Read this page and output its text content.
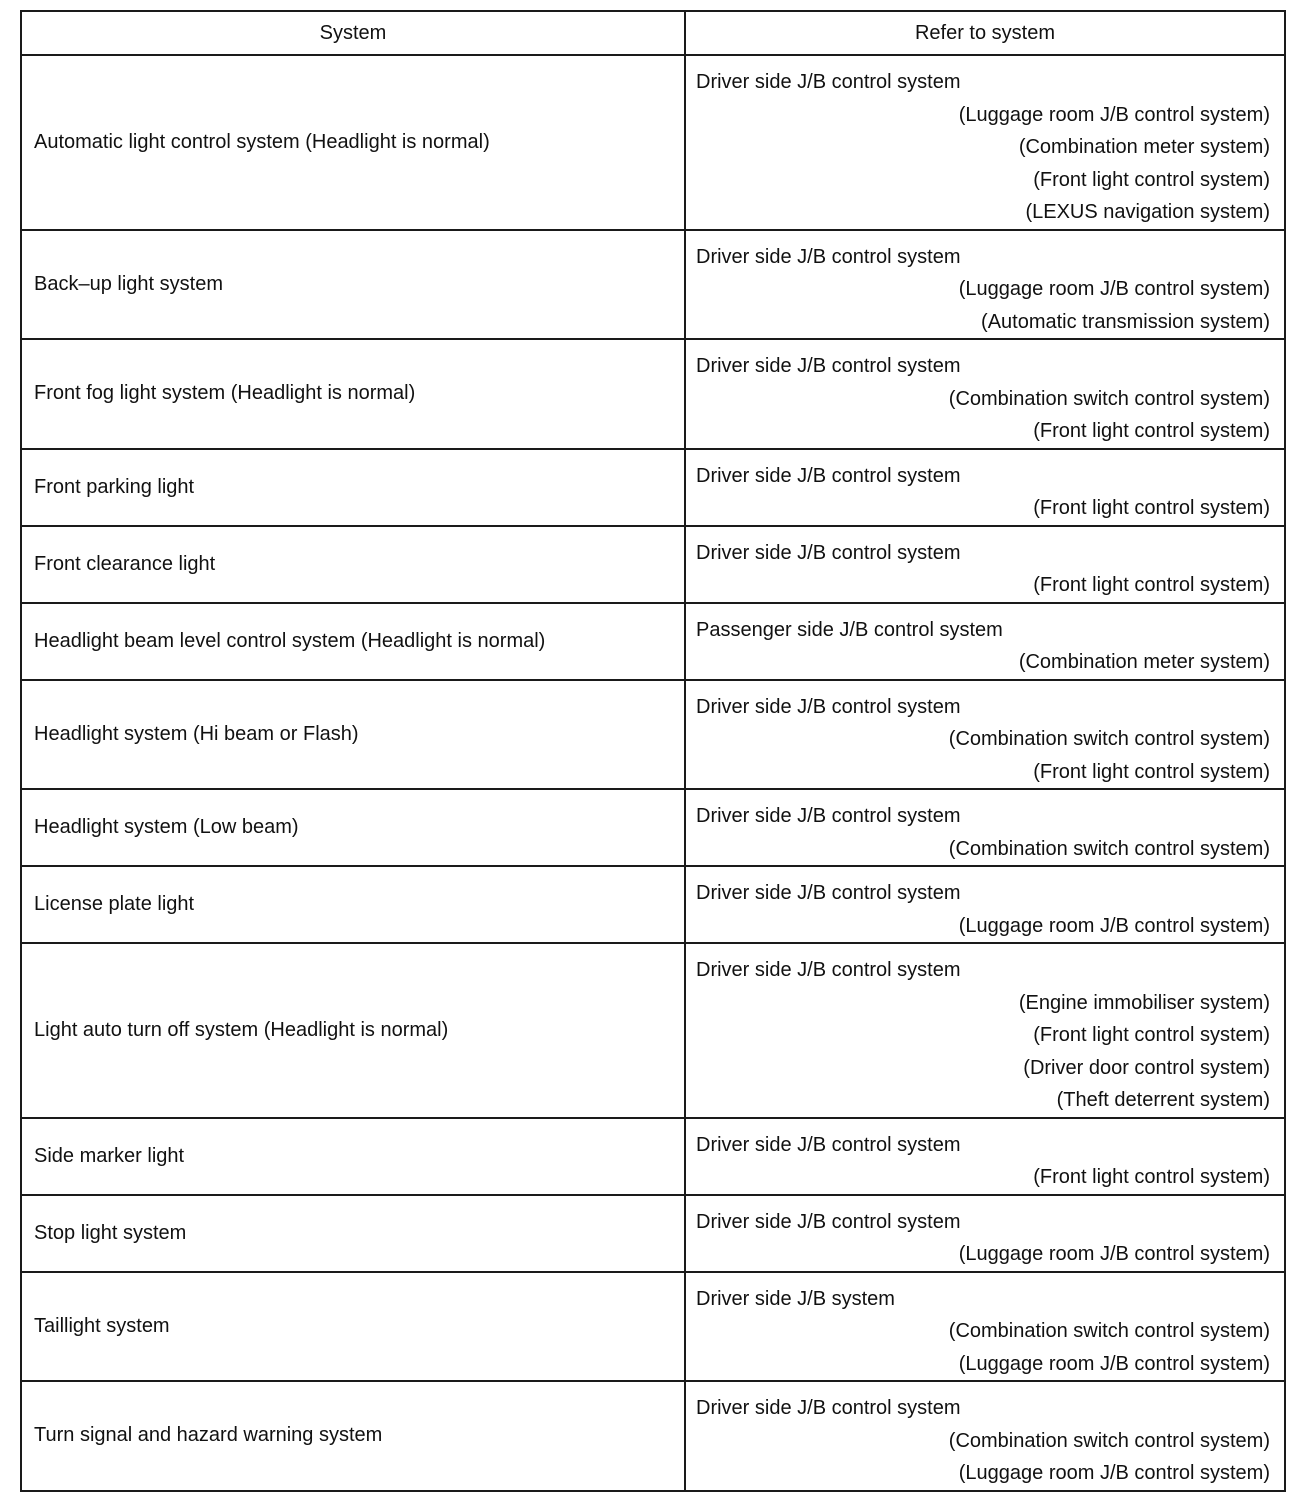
System	Refer to system
Automatic light control system (Headlight is normal)	Driver side J/B control system
(Luggage room J/B control system)
(Combination meter system)
(Front light control system)
(LEXUS navigation system)

Back–up light system	Driver side J/B control system
(Luggage room J/B control system)
(Automatic transmission system)

Front fog light system (Headlight is normal)	Driver side J/B control system
(Combination switch control system)
(Front light control system)

Front parking light	Driver side J/B control system
(Front light control system)

Front clearance light	Driver side J/B control system
(Front light control system)

Headlight beam level control system (Headlight is normal)	Passenger side J/B control system
(Combination meter system)

Headlight system (Hi beam or Flash)	Driver side J/B control system
(Combination switch control system)
(Front light control system)

Headlight system (Low beam)	Driver side J/B control system
(Combination switch control system)

License plate light	Driver side J/B control system
(Luggage room J/B control system)

Light auto turn off system (Headlight is normal)	Driver side J/B control system
(Engine immobiliser system)
(Front light control system)
(Driver door control system)
(Theft deterrent system)

Side marker light	Driver side J/B control system
(Front light control system)

Stop light system	Driver side J/B control system
(Luggage room J/B control system)

Taillight system	Driver side J/B system
(Combination switch control system)
(Luggage room J/B control system)

Turn signal and hazard warning system	Driver side J/B control system
(Combination switch control system)
(Luggage room J/B control system)
